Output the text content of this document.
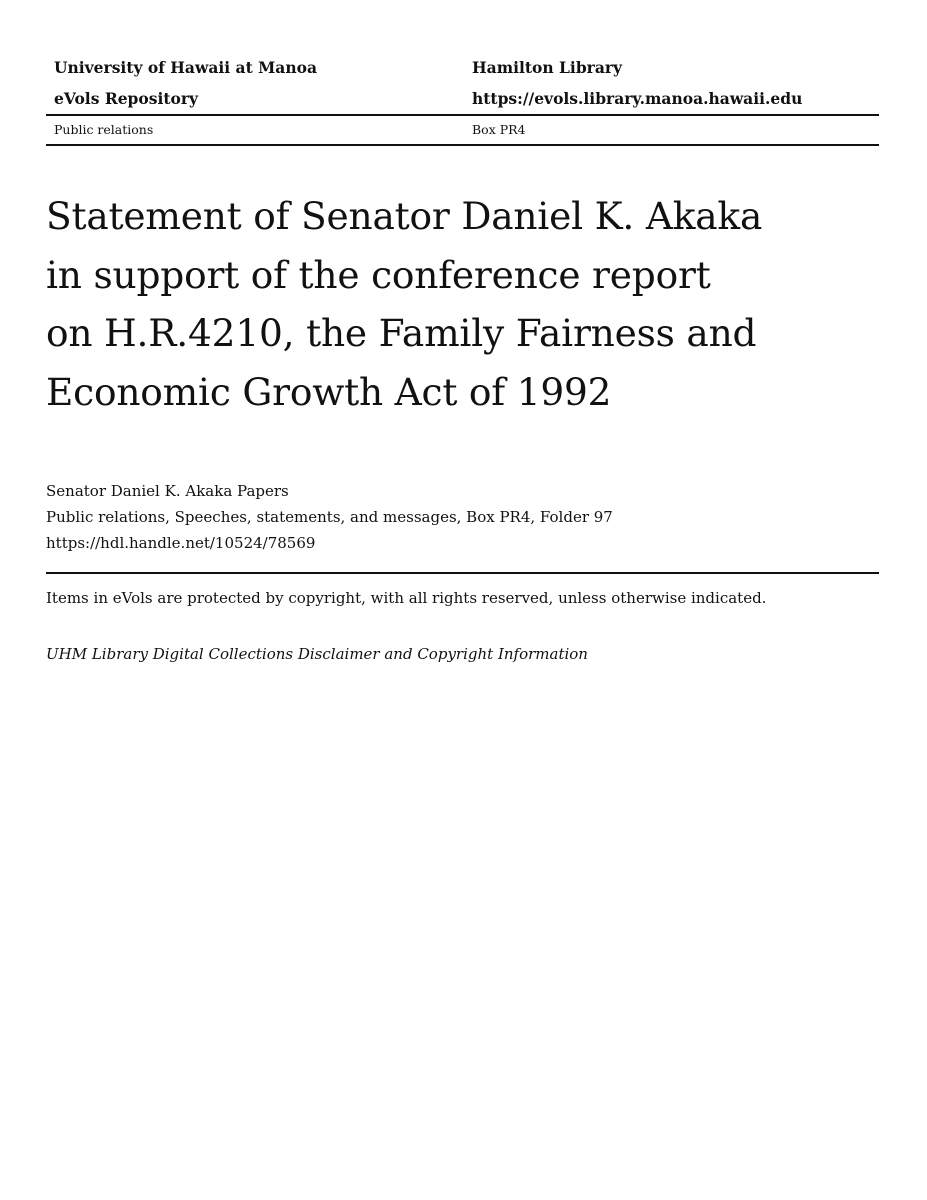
University of Hawaii at Manoa	Hamilton Library
eVols Repository	https://evols.library.manoa.hawaii.edu
Public relations	Box PR4
Statement of Senator Daniel K. Akaka
in support of the conference report
on H.R.4210, the Family Fairness and
Economic Growth Act of 1992
Senator Daniel K. Akaka Papers
Public relations, Speeches, statements, and messages, Box PR4, Folder 97
https://hdl.handle.net/10524/78569
Items in eVols are protected by copyright, with all rights reserved, unless otherwise indicated.
UHM Library Digital Collections Disclaimer and Copyright Information
